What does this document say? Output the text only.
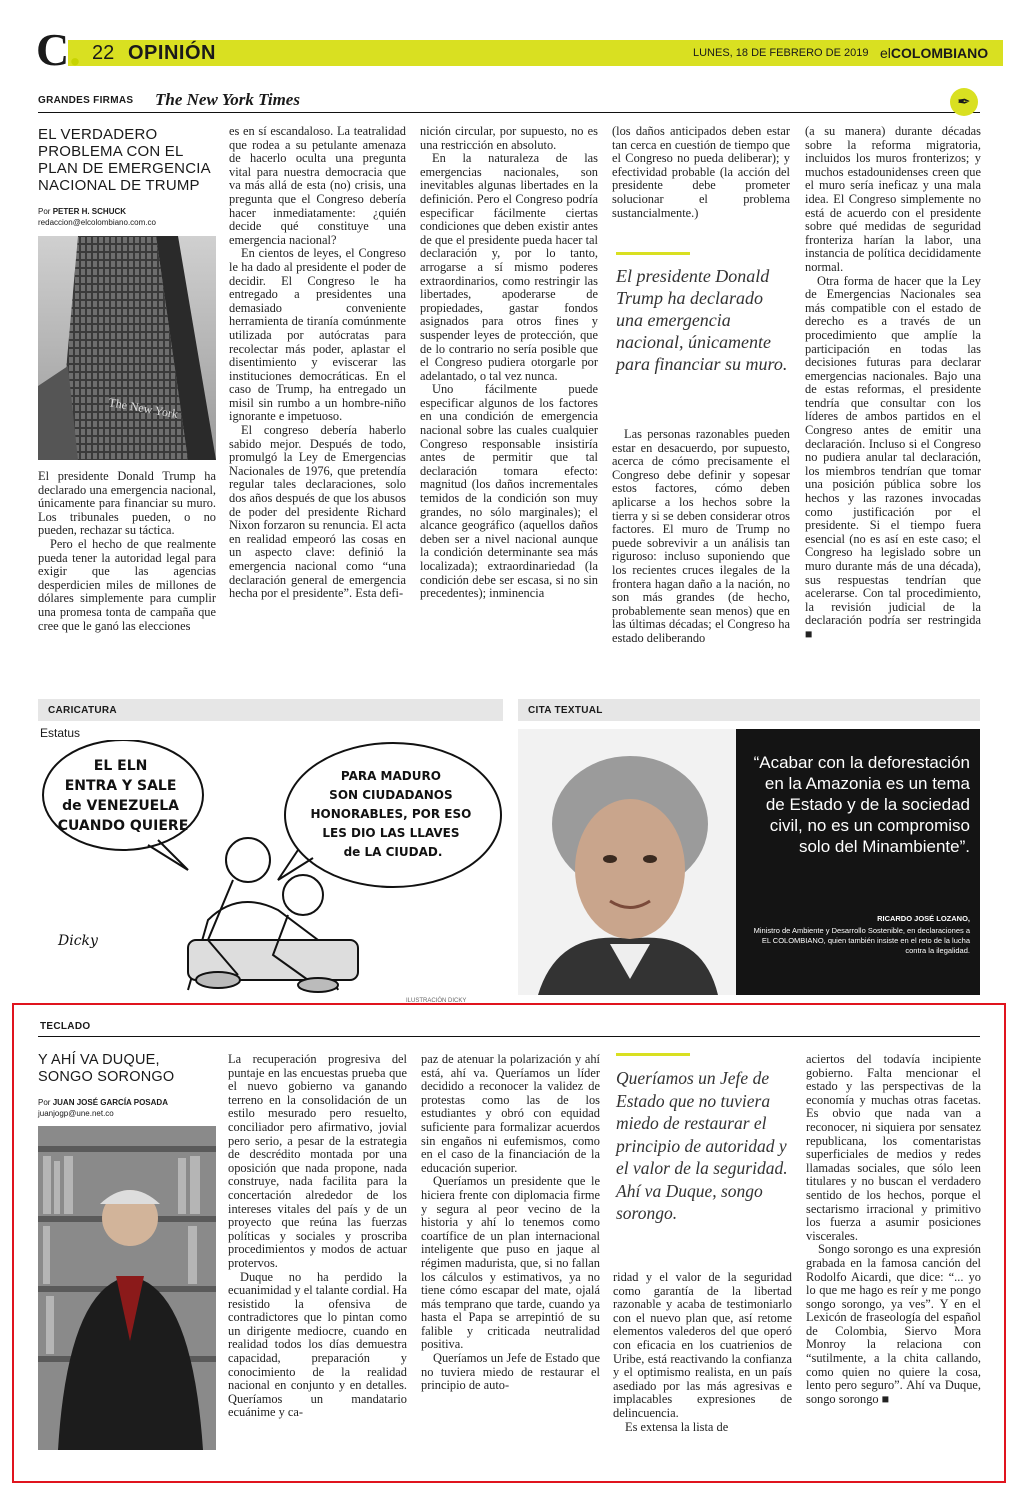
C. 22 OPINIÓN	LUNES, 18 DE FEBRERO DE 2019 elCOLOMBIANO
GRANDES FIRMAS The New York Times	✒
EL VERDADERO PROBLEMA CON EL PLAN DE EMERGENCIA NACIONAL DE TRUMP
Por PETER H. SCHUCK
redaccion@elcolombiano.com.co
The New York

El presidente Donald Trump ha declarado una emergencia nacional, únicamente para financiar su muro. Los tribunales pueden, o no pueden, rechazar su táctica.

Pero el hecho de que realmente pueda tener la autoridad legal para exigir que las agencias desperdicien miles de millones de dólares simplemente para cumplir una promesa tonta de campaña que cree que le ganó las elecciones

es en sí escandaloso. La teatralidad que rodea a su petulante amenaza de hacerlo oculta una pregunta vital para nuestra democracia que va más allá de esta (no) crisis, una pregunta que el Congreso debería hacer inmediatamente: ¿quién decide qué constituye una emergencia nacional?

En cientos de leyes, el Congreso le ha dado al presidente el poder de decidir. El Congreso le ha entregado a presidentes una demasiado conveniente herramienta de tiranía comúnmente utilizada por autócratas para recolectar más poder, aplastar el disentimiento y eviscerar las instituciones democráticas. En el caso de Trump, ha entregado un misil sin rumbo a un hombre-niño ignorante e impetuoso.

El congreso debería haberlo sabido mejor. Después de todo, promulgó la Ley de Emergencias Nacionales de 1976, que pretendía regular tales declaraciones, solo dos años después de que los abusos de poder del presidente Richard Nixon forzaron su renuncia. El acta en realidad empeoró las cosas en un aspecto clave: definió la emergencia nacional como “una declaración general de emergencia hecha por el presidente”. Esta defi-

nición circular, por supuesto, no es una restricción en absoluto.

En la naturaleza de las emergencias nacionales, son inevitables algunas libertades en la definición. Pero el Congreso podría especificar fácilmente ciertas condiciones que deben existir antes de que el presidente pueda hacer tal declaración y, por lo tanto, arrogarse a sí mismo poderes extraordinarios, como restringir las libertades, apoderarse de propiedades, gastar fondos asignados para otros fines y suspender leyes de protección, que de lo contrario no sería posible que el Congreso pudiera otorgarle por adelantado, o tal vez nunca.

Uno fácilmente puede especificar algunos de los factores en una condición de emergencia nacional sobre las cuales cualquier Congreso responsable insistiría antes de permitir que tal declaración tomara efecto: magnitud (los daños incrementales temidos de la condición son muy grandes, no sólo marginales); el alcance geográfico (aquellos daños deben ser a nivel nacional aunque la condición determinante sea más localizada); extraordinariedad (la condición debe ser escasa, si no sin precedentes); inminencia

(los daños anticipados deben estar tan cerca en cuestión de tiempo que el Congreso no pueda deliberar); y efectividad probable (la acción del presidente debe prometer solucionar el problema sustancialmente.)

El presidente Donald Trump ha declarado una emergencia nacional, únicamente para financiar su muro.

Las personas razonables pueden estar en desacuerdo, por supuesto, acerca de cómo precisamente el Congreso debe definir y sopesar estos factores, cómo deben aplicarse a los hechos sobre la tierra y si se deben considerar otros factores. El muro de Trump no puede sobrevivir a un análisis tan riguroso: incluso suponiendo que los recientes cruces ilegales de la frontera hagan daño a la nación, no son más grandes (de hecho, probablemente sean menos) que en las últimas décadas; el Congreso ha estado deliberando

(a su manera) durante décadas sobre la reforma migratoria, incluidos los muros fronterizos; y muchos estadounidenses creen que el muro sería ineficaz y una mala idea. El Congreso simplemente no está de acuerdo con el presidente sobre qué medidas de seguridad fronteriza harían la labor, una instancia de política decididamente normal.

Otra forma de hacer que la Ley de Emergencias Nacionales sea más compatible con el estado de derecho es a través de un procedimiento que amplíe la participación en todas las decisiones futuras para declarar emergencias nacionales. Bajo una de estas reformas, el presidente tendría que consultar con los líderes de ambos partidos en el Congreso antes de emitir una declaración. Incluso si el Congreso no pudiera anular tal declaración, los miembros tendrían que tomar una posición pública sobre los hechos y las razones invocadas como justificación por el presidente. Si el tiempo fuera esencial (no es así en este caso; el Congreso ha legislado sobre un muro durante más de una década), sus respuestas tendrían que acelerarse. Con tal procedimiento, la revisión judicial de la declaración podría ser restringida ■

CARICATURA
Estatus
EL ELN ENTRA Y SALE de VENEZUELA CUANDO QUIERE
PARA MADURO SON CIUDADANOS HONORABLES, POR ESO LES DIO LAS LLAVES de LA CIUDAD.
Dicky
ILUSTRACIÓN DICKY
CITA TEXTUAL
“Acabar con la deforestación en la Amazonia es un tema de Estado y de la sociedad civil, no es un compromiso solo del Minambiente”.
RICARDO JOSÉ LOZANO,
Ministro de Ambiente y Desarrollo Sostenible, en declaraciones a EL COLOMBIANO, quien también insiste en el reto de la lucha contra la ilegalidad.
TECLADO
Y AHÍ VA DUQUE, SONGO SORONGO
Por JUAN JOSÉ GARCÍA POSADA
juanjogp@une.net.co

La recuperación progresiva del puntaje en las encuestas prueba que el nuevo gobierno va ganando terreno en la consolidación de un estilo mesurado pero resuelto, conciliador pero afirmativo, jovial pero serio, a pesar de la estrategia de descrédito montada por una oposición que nada propone, nada construye, nada facilita para la concertación alrededor de los intereses vitales del país y de un proyecto que reúna las fuerzas políticas y sociales y proscriba procedimientos y modos de actuar protervos.

Duque no ha perdido la ecuanimidad y el talante cordial. Ha resistido la ofensiva de contradictores que lo pintan como un dirigente mediocre, cuando en realidad todos los días demuestra capacidad, preparación y conocimiento de la realidad nacional en conjunto y en detalles. Queríamos un mandatario ecuánime y ca-

paz de atenuar la polarización y ahí está, ahí va. Queríamos un líder decidido a reconocer la validez de protestas como las de los estudiantes y obró con equidad suficiente para formalizar acuerdos sin engaños ni eufemismos, como en el caso de la financiación de la educación superior.

Queríamos un presidente que le hiciera frente con diplomacia firme y segura al peor vecino de la historia y ahí lo tenemos como coartífice de un plan internacional inteligente que puso en jaque al régimen madurista, que, si no fallan los cálculos y estimativos, ya no tiene cómo escapar del mate, ojalá más temprano que tarde, cuando ya hasta el Papa se arrepintió de su falible y criticada neutralidad positiva.

Queríamos un Jefe de Estado que no tuviera miedo de restaurar el principio de auto-

Queríamos un Jefe de Estado que no tuviera miedo de restaurar el principio de autoridad y el valor de la seguridad. Ahí va Duque, songo sorongo.

ridad y el valor de la seguridad como garantía de la libertad razonable y acaba de testimoniarlo con el nuevo plan que, así retome elementos valederos del que operó con eficacia en los cuatrienios de Uribe, está reactivando la confianza y el optimismo realista, en un país asediado por las más agresivas e implacables expresiones de delincuencia.

Es extensa la lista de

aciertos del todavía incipiente gobierno. Falta mencionar el estado y las perspectivas de la economía y muchas otras facetas. Es obvio que nada van a reconocer, ni siquiera por sensatez republicana, los comentaristas superficiales de medios y redes llamadas sociales, que sólo leen titulares y no buscan el verdadero sentido de los hechos, porque el sectarismo irracional y primitivo los fuerza a asumir posiciones viscerales.

Songo sorongo es una expresión grabada en la famosa canción del Rodolfo Aicardi, que dice: “... yo lo que me hago es reír y me pongo songo sorongo, ya ves”. Y en el Lexicón de fraseología del español de Colombia, Siervo Mora Monroy la relaciona con “sutilmente, a la chita callando, como quien no quiere la cosa, lento pero seguro”. Ahí va Duque, songo sorongo ■
